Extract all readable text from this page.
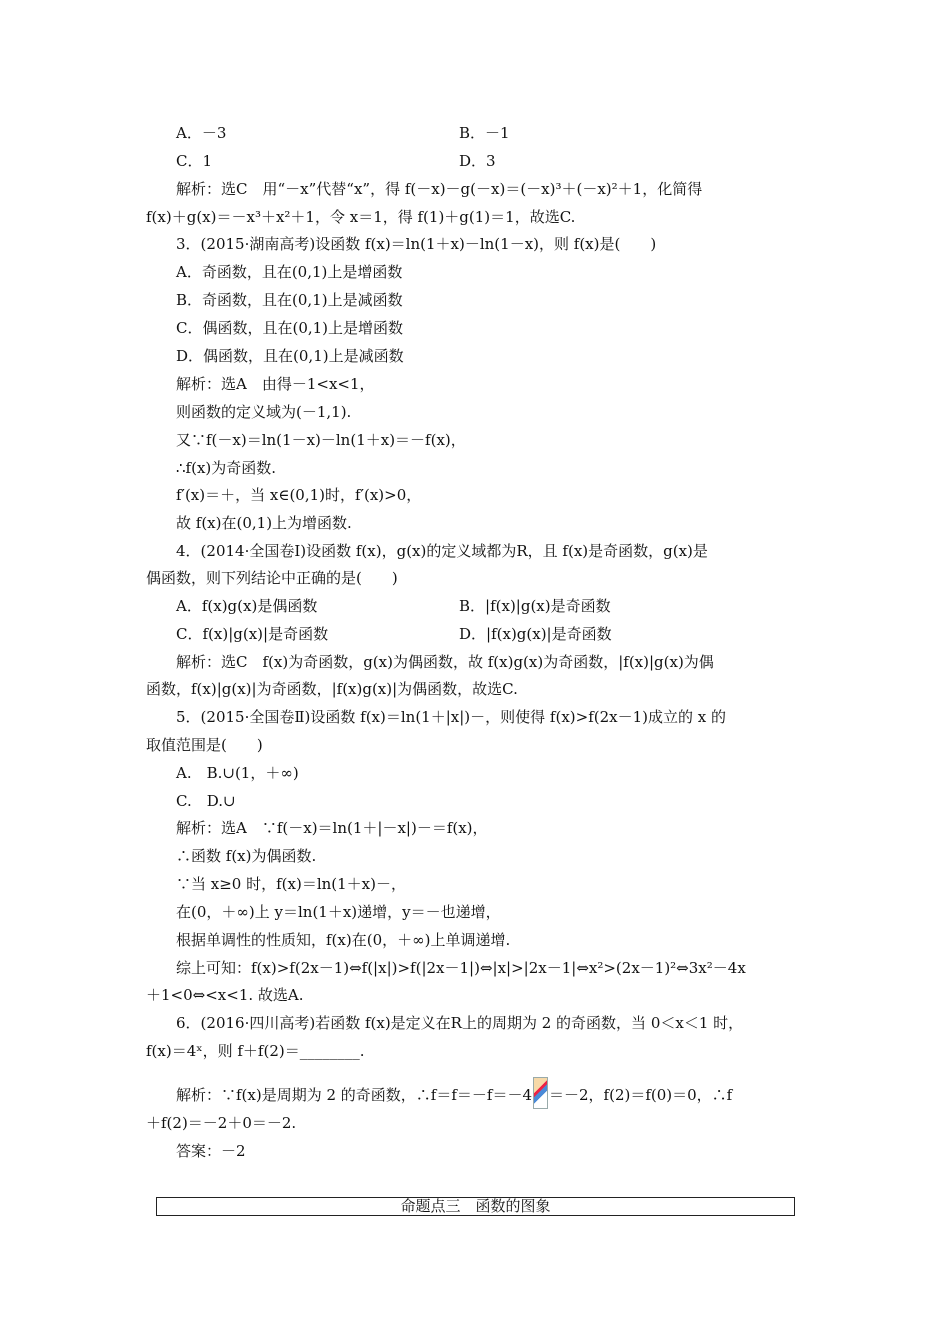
A．－3	B．－1
C．1	D．3
解析：选C　用“－x”代替“x”，得 f(－x)－g(－x)＝(－x)³＋(－x)²＋1，化简得
f(x)＋g(x)＝－x³＋x²＋1，令 x＝1，得 f(1)＋g(1)＝1，故选C.
3．(2015·湖南高考)设函数 f(x)＝ln(1＋x)－ln(1－x)，则 f(x)是(　　)
A．奇函数，且在(0,1)上是增函数
B．奇函数，且在(0,1)上是减函数
C．偶函数，且在(0,1)上是增函数
D．偶函数，且在(0,1)上是减函数
解析：选A　由得－1<x<1，
则函数的定义域为(－1,1).
又∵f(－x)＝ln(1－x)－ln(1＋x)＝－f(x)，
∴f(x)为奇函数.
f′(x)＝＋，当 x∈(0,1)时，f′(x)>0，
故 f(x)在(0,1)上为增函数.
4．(2014·全国卷Ⅰ)设函数 f(x)，g(x)的定义域都为R，且 f(x)是奇函数，g(x)是
偶函数，则下列结论中正确的是(　　)
A．f(x)g(x)是偶函数	B．|f(x)|g(x)是奇函数
C．f(x)|g(x)|是奇函数	D．|f(x)g(x)|是奇函数
解析：选C　f(x)为奇函数，g(x)为偶函数，故 f(x)g(x)为奇函数，|f(x)|g(x)为偶
函数，f(x)|g(x)|为奇函数，|f(x)g(x)|为偶函数，故选C.
5．(2015·全国卷Ⅱ)设函数 f(x)＝ln(1＋|x|)－，则使得 f(x)>f(2x－1)成立的 x 的
取值范围是(　　)
A.　B.∪(1，＋∞)
C.　D.∪
解析：选A　∵f(－x)＝ln(1＋|－x|)－＝f(x)，
∴函数 f(x)为偶函数.
∵当 x≥0 时，f(x)＝ln(1＋x)－，
在(0，＋∞)上 y＝ln(1＋x)递增，y＝－也递增，
根据单调性的性质知，f(x)在(0，＋∞)上单调递增.
综上可知：f(x)>f(2x－1)⇔f(|x|)>f(|2x－1|)⇔|x|>|2x－1|⇔x²>(2x－1)²⇔3x²－4x
＋1<0⇔<x<1. 故选A.
6．(2016·四川高考)若函数 f(x)是定义在R上的周期为 2 的奇函数，当 0＜x＜1 时，
f(x)＝4ˣ，则 f＋f(2)＝________.
解析：∵f(x)是周期为 2 的奇函数，∴f＝f＝－f＝－4 ＝－2，f(2)＝f(0)＝0，∴f
＋f(2)＝－2＋0＝－2.
答案：－2
命题点三　函数的图象
